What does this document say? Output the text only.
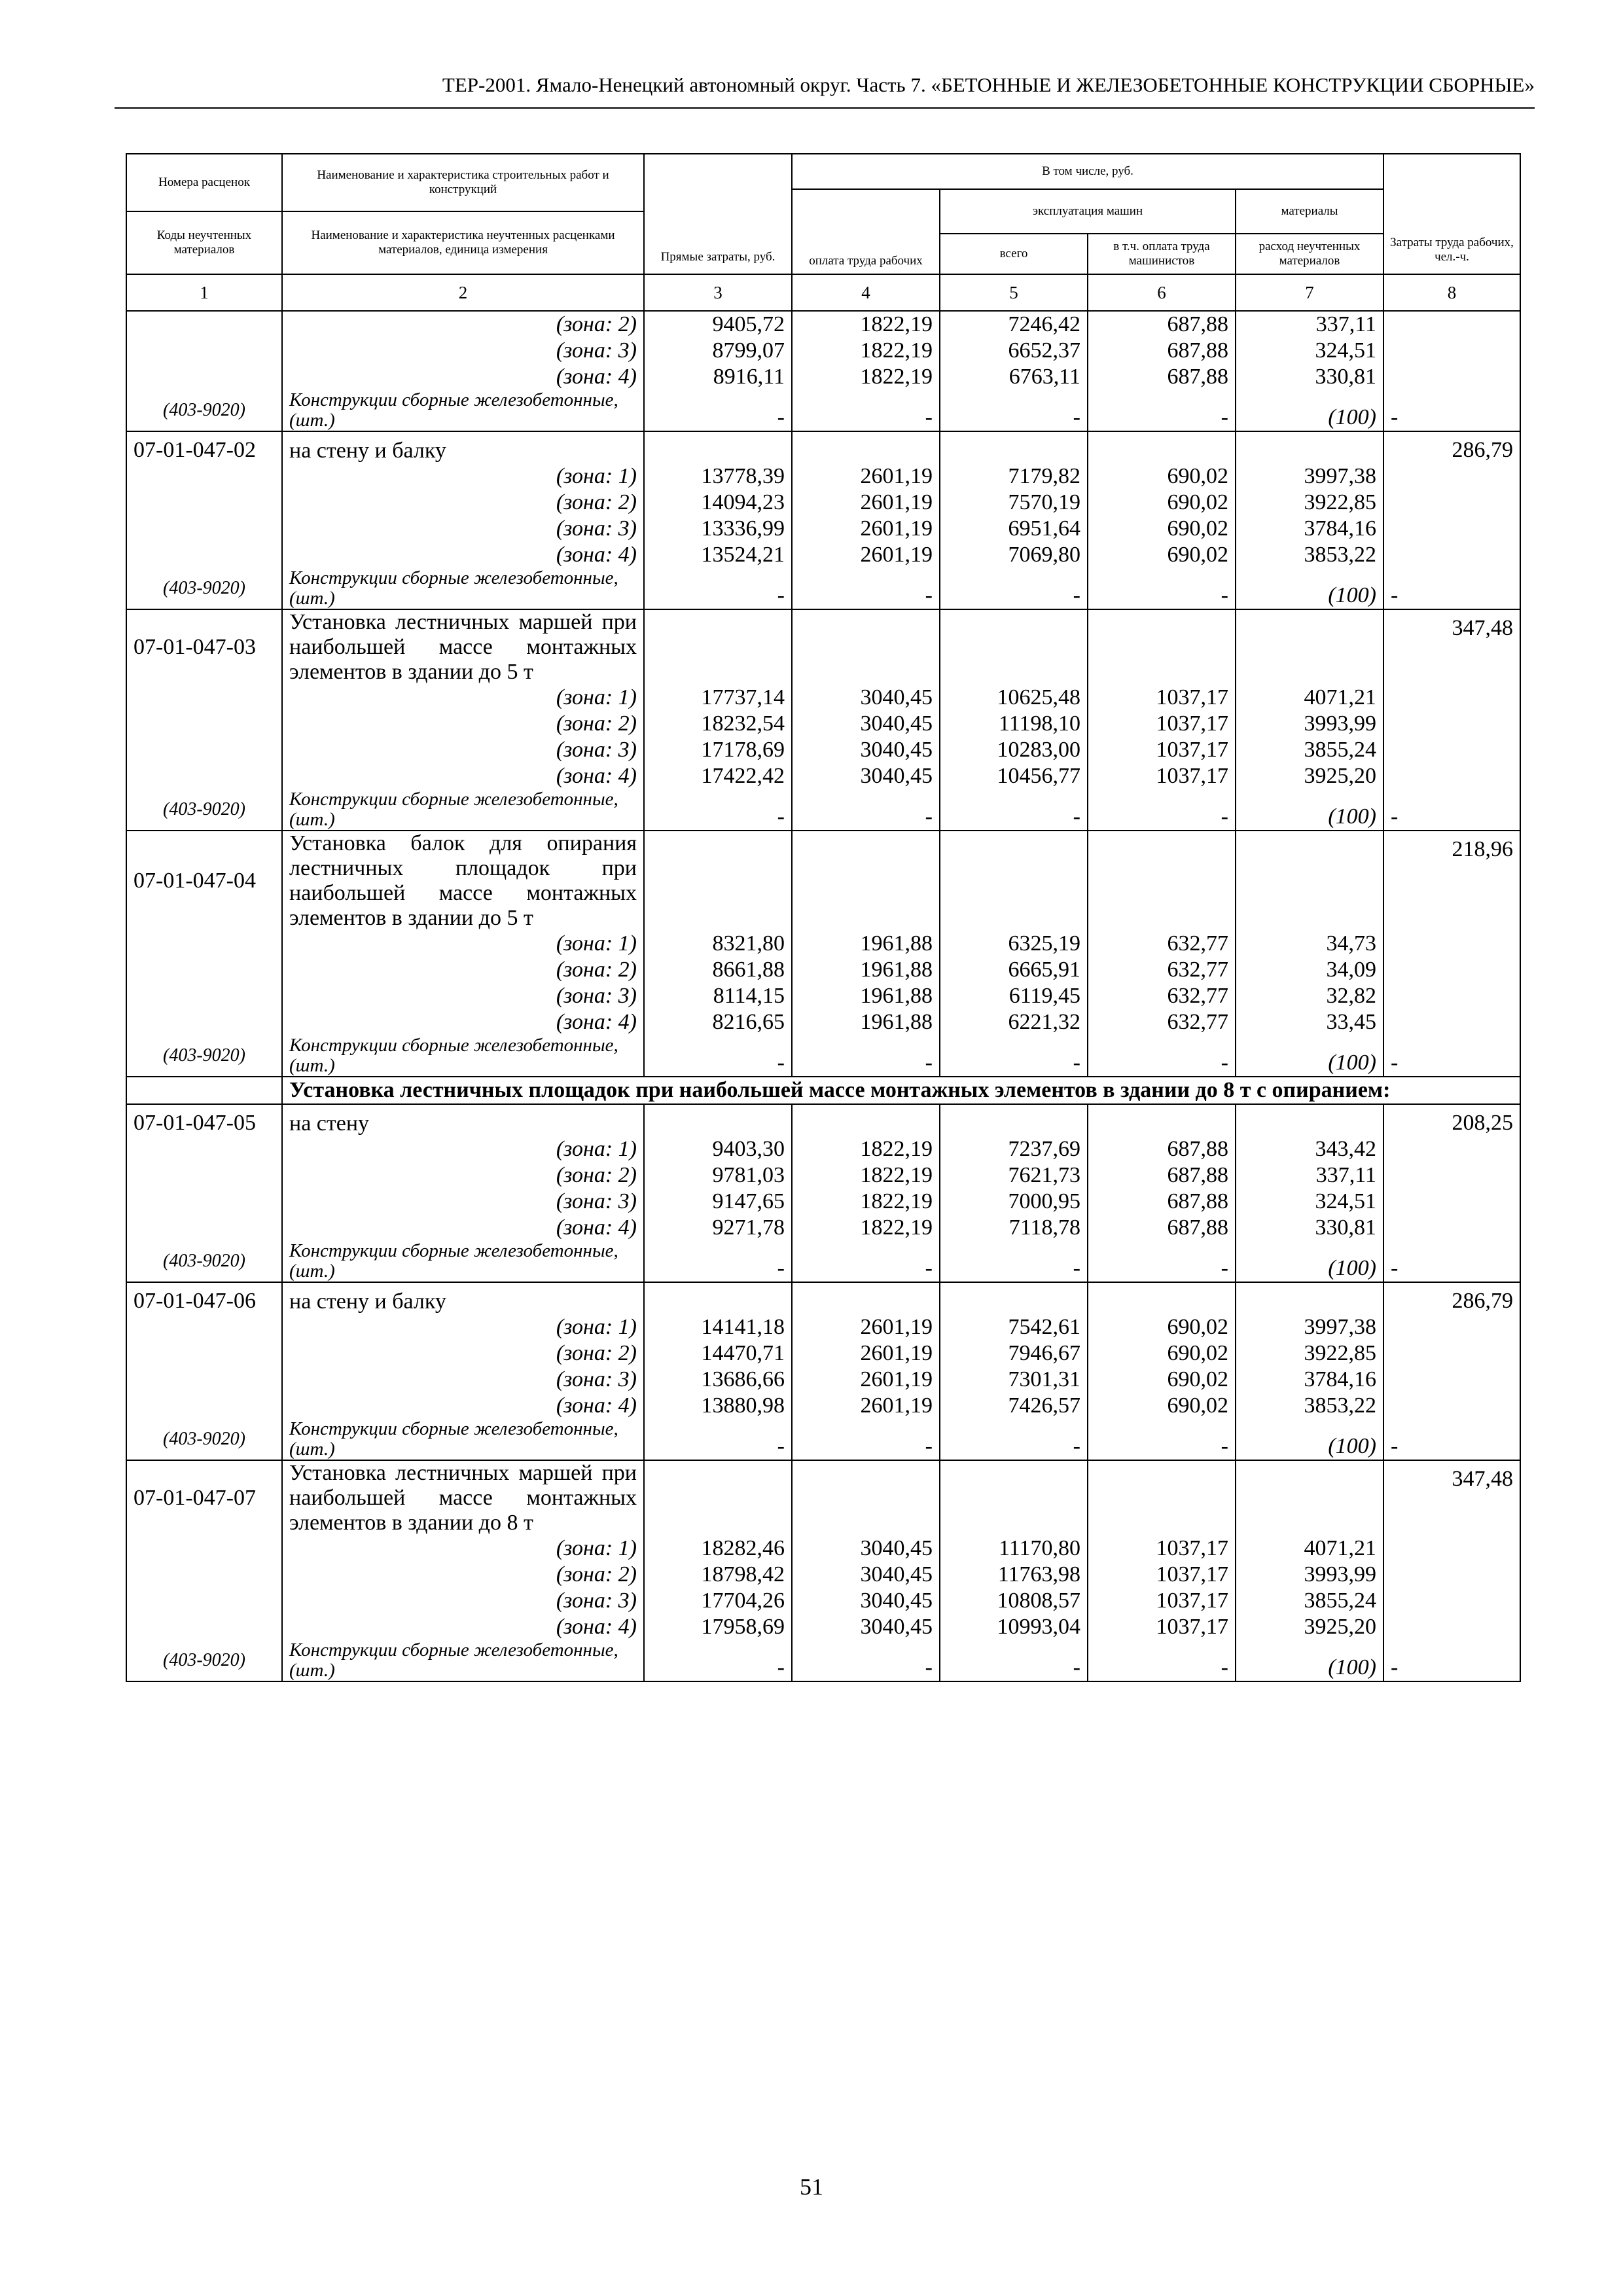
ТЕР-2001. Ямало-Ненецкий автономный округ. Часть 7. «БЕТОННЫЕ И ЖЕЛЕЗОБЕТОННЫЕ КОНСТРУКЦИИ СБОРНЫЕ»
Номера расценок	Наименование и характеристика строительных работ и конструкций	Прямые затраты, руб.	В том числе, руб.				Затраты труда рабочих, чел.-ч.
			оплата труда рабочих	эксплуатация машин		материалы	
Коды неучтенных материалов	Наименование и характеристика неучтенных расценками материалов, единица измерения						
				всего	в т.ч. оплата труда машинистов	расход неучтенных материалов	
1	2	3	4	5	6	7	8
	(зона: 2)	9405,72	1822,19	7246,42	687,88	337,11	
	(зона: 3)	8799,07	1822,19	6652,37	687,88	324,51	
	(зона: 4)	8916,11	1822,19	6763,11	687,88	330,81	
(403-9020)	Конструкции сборные железобетонные, (шт.)	-	-	-	-	(100)	-
07-01-047-02	на стену и балку						286,79
	(зона: 1)	13778,39	2601,19	7179,82	690,02	3997,38	
	(зона: 2)	14094,23	2601,19	7570,19	690,02	3922,85	
	(зона: 3)	13336,99	2601,19	6951,64	690,02	3784,16	
	(зона: 4)	13524,21	2601,19	7069,80	690,02	3853,22	
(403-9020)	Конструкции сборные железобетонные, (шт.)	-	-	-	-	(100)	-
07-01-047-03	Установка лестничных маршей при наибольшей массе монтажных элементов в здании до 5 т						347,48
	(зона: 1)	17737,14	3040,45	10625,48	1037,17	4071,21	
	(зона: 2)	18232,54	3040,45	11198,10	1037,17	3993,99	
	(зона: 3)	17178,69	3040,45	10283,00	1037,17	3855,24	
	(зона: 4)	17422,42	3040,45	10456,77	1037,17	3925,20	
(403-9020)	Конструкции сборные железобетонные, (шт.)	-	-	-	-	(100)	-
07-01-047-04	Установка балок для опирания лестничных площадок при наибольшей массе монтажных элементов в здании до 5 т						218,96
	(зона: 1)	8321,80	1961,88	6325,19	632,77	34,73	
	(зона: 2)	8661,88	1961,88	6665,91	632,77	34,09	
	(зона: 3)	8114,15	1961,88	6119,45	632,77	32,82	
	(зона: 4)	8216,65	1961,88	6221,32	632,77	33,45	
(403-9020)	Конструкции сборные железобетонные, (шт.)	-	-	-	-	(100)	-
	Установка лестничных площадок при наибольшей массе монтажных элементов в здании до 8 т с опиранием:						
07-01-047-05	на стену						208,25
	(зона: 1)	9403,30	1822,19	7237,69	687,88	343,42	
	(зона: 2)	9781,03	1822,19	7621,73	687,88	337,11	
	(зона: 3)	9147,65	1822,19	7000,95	687,88	324,51	
	(зона: 4)	9271,78	1822,19	7118,78	687,88	330,81	
(403-9020)	Конструкции сборные железобетонные, (шт.)	-	-	-	-	(100)	-
07-01-047-06	на стену и балку						286,79
	(зона: 1)	14141,18	2601,19	7542,61	690,02	3997,38	
	(зона: 2)	14470,71	2601,19	7946,67	690,02	3922,85	
	(зона: 3)	13686,66	2601,19	7301,31	690,02	3784,16	
	(зона: 4)	13880,98	2601,19	7426,57	690,02	3853,22	
(403-9020)	Конструкции сборные железобетонные, (шт.)	-	-	-	-	(100)	-
07-01-047-07	Установка лестничных маршей при наибольшей массе монтажных элементов в здании до 8 т						347,48
	(зона: 1)	18282,46	3040,45	11170,80	1037,17	4071,21	
	(зона: 2)	18798,42	3040,45	11763,98	1037,17	3993,99	
	(зона: 3)	17704,26	3040,45	10808,57	1037,17	3855,24	
	(зона: 4)	17958,69	3040,45	10993,04	1037,17	3925,20	
(403-9020)	Конструкции сборные железобетонные, (шт.)	-	-	-	-	(100)	-
51
